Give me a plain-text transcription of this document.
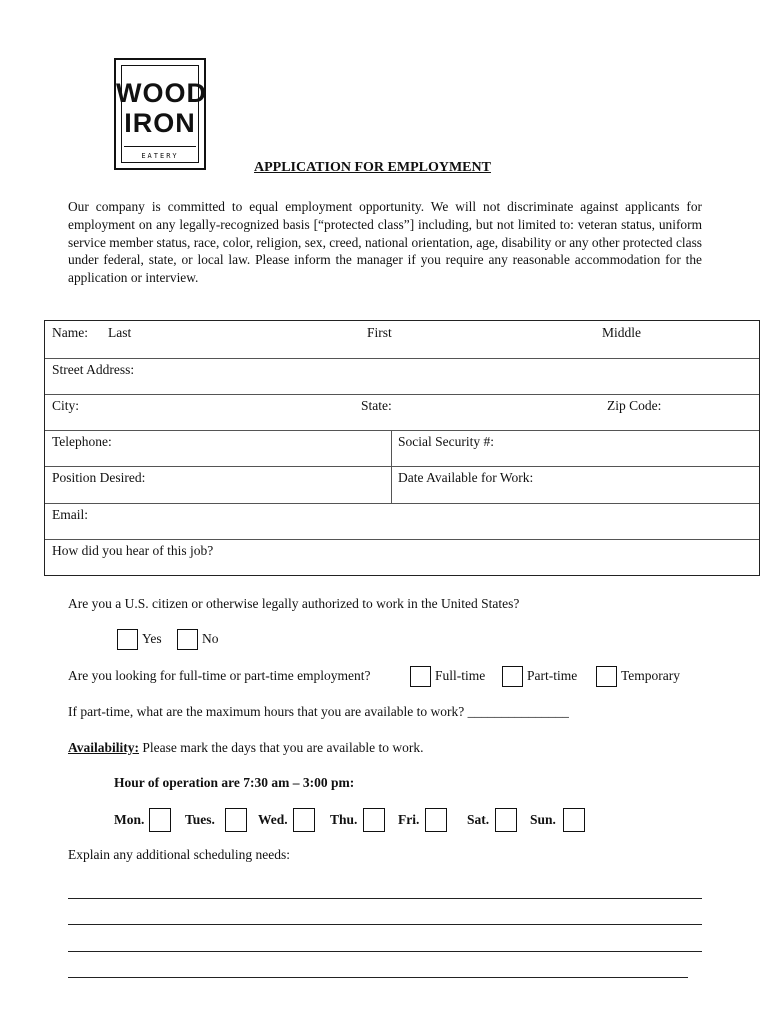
WOOD
IRON
EATERY
APPLICATION FOR EMPLOYMENT

Our company is committed to equal employment opportunity. We will not discriminate against applicants for employment on any legally-recognized basis [“protected class”] including, but not limited to: veteran status, uniform service member status, race, color, religion, sex, creed, national orientation, age, disability or any other protected class under federal, state, or local law. Please inform the manager if you require any reasonable accommodation for the application or interview.

Name: Last	First	Middle
Street Address:
City:	State:	Zip Code:
Telephone:	Social Security #:
Position Desired:	Date Available for Work:
Email:
How did you hear of this job?
Are you a U.S. citizen or otherwise legally authorized to work in the United States?
Yes	No
Are you looking for full-time or part-time employment?	Full-time	Part-time	Temporary
If part-time, what are the maximum hours that you are available to work? _______________
Availability: Please mark the days that you are available to work.
Hour of operation are 7:30 am – 3:00 pm:
Mon.	Tues.	Wed.	Thu.	Fri.	Sat.	Sun.
Explain any additional scheduling needs:
